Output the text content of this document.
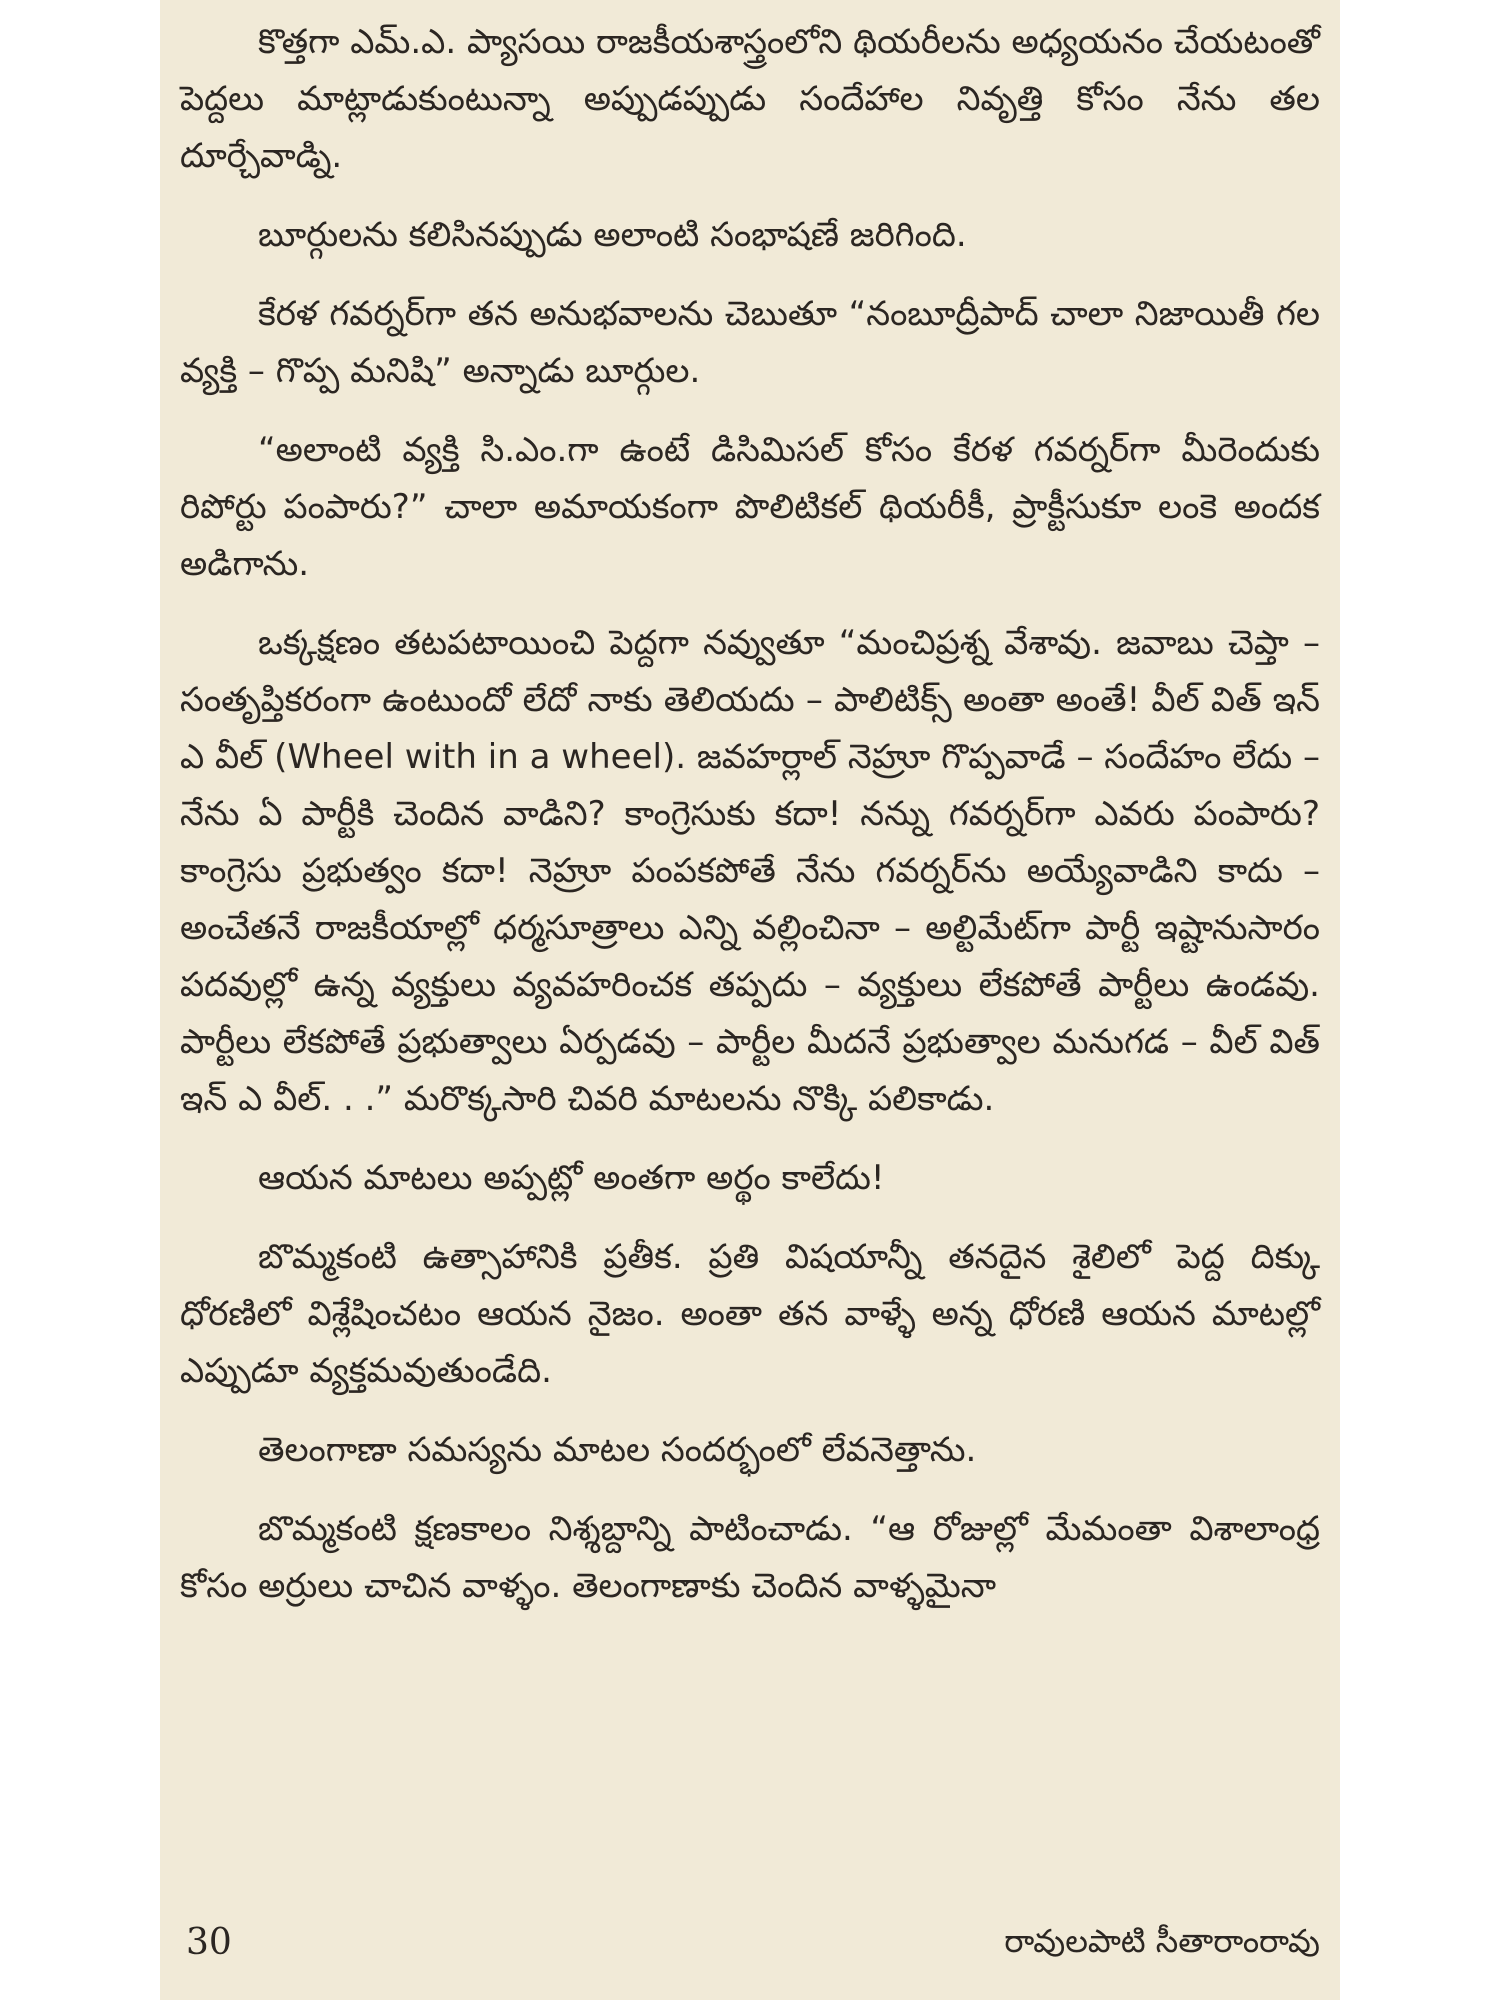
కొత్తగా ఎమ్.ఎ. ప్యాసయి రాజకీయశాస్త్రంలోని థియరీలను అధ్యయనం చేయటంతో పెద్దలు మాట్లాడుకుంటున్నా అప్పుడప్పుడు సందేహాల నివృత్తి కోసం నేను తల దూర్చేవాడ్ని.

బూర్గులను కలిసినప్పుడు అలాంటి సంభాషణే జరిగింది.

కేరళ గవర్నర్‌గా తన అనుభవాలను చెబుతూ “నంబూద్రీపాద్ చాలా నిజాయితీ గల వ్యక్తి – గొప్ప మనిషి” అన్నాడు బూర్గుల.

“అలాంటి వ్యక్తి సి.ఎం.గా ఉంటే డిసిమిసల్ కోసం కేరళ గవర్నర్‌గా మీరెందుకు రిపోర్టు పంపారు?” చాలా అమాయకంగా పొలిటికల్ థియరీకీ, ప్రాక్టీసుకూ లంకె అందక అడిగాను.

ఒక్కక్షణం తటపటాయించి పెద్దగా నవ్వుతూ “మంచిప్రశ్న వేశావు. జవాబు చెప్తా – సంతృప్తికరంగా ఉంటుందో లేదో నాకు తెలియదు – పాలిటిక్స్ అంతా అంతే! వీల్ విత్ ఇన్ ఎ వీల్ (Wheel with in a wheel). జవహర్లాల్ నెహ్రూ గొప్పవాడే – సందేహం లేదు – నేను ఏ పార్టీకి చెందిన వాడిని? కాంగ్రెసుకు కదా! నన్ను గవర్నర్‌గా ఎవరు పంపారు? కాంగ్రెసు ప్రభుత్వం కదా! నెహ్రూ పంపకపోతే నేను గవర్నర్‌ను అయ్యేవాడిని కాదు – అంచేతనే రాజకీయాల్లో ధర్మసూత్రాలు ఎన్ని వల్లించినా – అల్టిమేట్‌గా పార్టీ ఇష్టానుసారం పదవుల్లో ఉన్న వ్యక్తులు వ్యవహరించక తప్పదు – వ్యక్తులు లేకపోతే పార్టీలు ఉండవు. పార్టీలు లేకపోతే ప్రభుత్వాలు ఏర్పడవు – పార్టీల మీదనే ప్రభుత్వాల మనుగడ – వీల్ విత్ ఇన్ ఎ వీల్. . .” మరొక్కసారి చివరి మాటలను నొక్కి పలికాడు.

ఆయన మాటలు అప్పట్లో అంతగా అర్థం కాలేదు!

బొమ్మకంటి ఉత్సాహానికి ప్రతీక. ప్రతి విషయాన్నీ తనదైన శైలిలో పెద్ద దిక్కు ధోరణిలో విశ్లేషించటం ఆయన నైజం. అంతా తన వాళ్ళే అన్న ధోరణి ఆయన మాటల్లో ఎప్పుడూ వ్యక్తమవుతుండేది.

తెలంగాణా సమస్యను మాటల సందర్భంలో లేవనెత్తాను.

బొమ్మకంటి క్షణకాలం నిశ్శబ్దాన్ని పాటించాడు. “ఆ రోజుల్లో మేమంతా విశాలాంధ్ర కోసం అర్రులు చాచిన వాళ్ళం. తెలంగాణాకు చెందిన వాళ్ళమైనా

30	రావులపాటి సీతారాంరావు
